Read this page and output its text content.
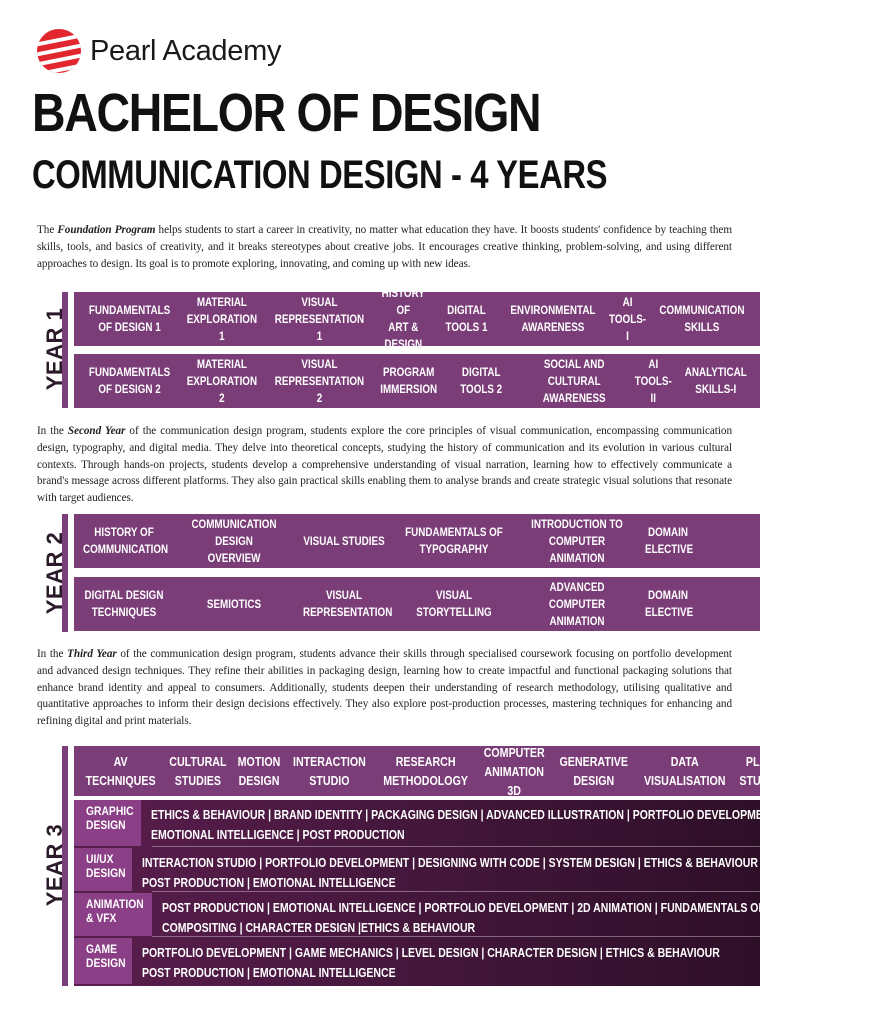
Pearl Academy
BACHELOR OF DESIGN
COMMUNICATION DESIGN - 4 YEARS
The Foundation Program helps students to start a career in creativity, no matter what education they have. It boosts students' confidence by teaching them skills, tools, and basics of creativity, and it breaks stereotypes about creative jobs. It encourages creative thinking, problem-solving, and using different approaches to design. Its goal is to promote exploring, innovating, and coming up with new ideas.
YEAR 1 FUNDAMENTALS
OF DESIGN 1
MATERIAL
EXPLORATION 1
VISUAL
REPRESENTATION 1
HISTORY OF
ART & DESIGN
DIGITAL TOOLS 1
ENVIRONMENTAL
AWARENESS
AI TOOLS-I
COMMUNICATION
SKILLS
FUNDAMENTALS
OF DESIGN 2
MATERIAL
EXPLORATION 2
VISUAL
REPRESENTATION 2
PROGRAM
IMMERSION
DIGITAL TOOLS 2
SOCIAL AND
CULTURAL AWARENESS
AI TOOLS-II
ANALYTICAL
SKILLS-I
In the Second Year of the communication design program, students explore the core principles of visual communication, encompassing communication design, typography, and digital media. They delve into theoretical concepts, studying the history of communication and its evolution in various cultural contexts. Through hands-on projects, students develop a comprehensive understanding of visual narration, learning how to effectively communicate a brand's message across different platforms. They also gain practical skills enabling them to analyse brands and create strategic visual solutions that resonate with target audiences.
YEAR 2	HISTORY OF
COMMUNICATION
COMMUNICATION DESIGN
OVERVIEW
VISUAL STUDIES
FUNDAMENTALS OF
TYPOGRAPHY
INTRODUCTION TO
COMPUTER ANIMATION
DOMAIN
ELECTIVE
DIGITAL DESIGN
TECHNIQUES
SEMIOTICS
VISUAL
REPRESENTATION
VISUAL
STORYTELLING
ADVANCED
COMPUTER ANIMATION
DOMAIN
ELECTIVE
In the Third Year of the communication design program, students advance their skills through specialised coursework focusing on portfolio development and advanced design techniques. They refine their abilities in packaging design, learning how to create impactful and functional packaging solutions that enhance brand identity and appeal to consumers. Additionally, students deepen their understanding of research methodology, utilising qualitative and quantitative approaches to inform their design decisions effectively. They also explore post-production processes, mastering techniques for enhancing and refining digital and print materials.
YEAR 3
AV
TECHNIQUES
CULTURAL
STUDIES
MOTION
DESIGN
INTERACTION
STUDIO
RESEARCH
METHODOLOGY
COMPUTER
ANIMATION 3D
GENERATIVE
DESIGN
DATA
VISUALISATION
PLAY
STUDIO
ANALYTICAL
SKILLS
GRAPHIC
DESIGN
ETHICS & BEHAVIOUR | BRAND IDENTITY | PACKAGING DESIGN | ADVANCED ILLUSTRATION | PORTFOLIO DEVELOPMENT
EMOTIONAL INTELLIGENCE | POST PRODUCTION
UI/UX
DESIGN
INTERACTION STUDIO | PORTFOLIO DEVELOPMENT | DESIGNING WITH CODE | SYSTEM DESIGN | ETHICS & BEHAVIOUR
POST PRODUCTION | EMOTIONAL INTELLIGENCE
ANIMATION
& VFX
POST PRODUCTION | EMOTIONAL INTELLIGENCE | PORTFOLIO DEVELOPMENT | 2D ANIMATION | FUNDAMENTALS OF
COMPOSITING | CHARACTER DESIGN |ETHICS & BEHAVIOUR
GAME
DESIGN
PORTFOLIO DEVELOPMENT | GAME MECHANICS | LEVEL DESIGN | CHARACTER DESIGN | ETHICS & BEHAVIOUR
POST PRODUCTION | EMOTIONAL INTELLIGENCE
